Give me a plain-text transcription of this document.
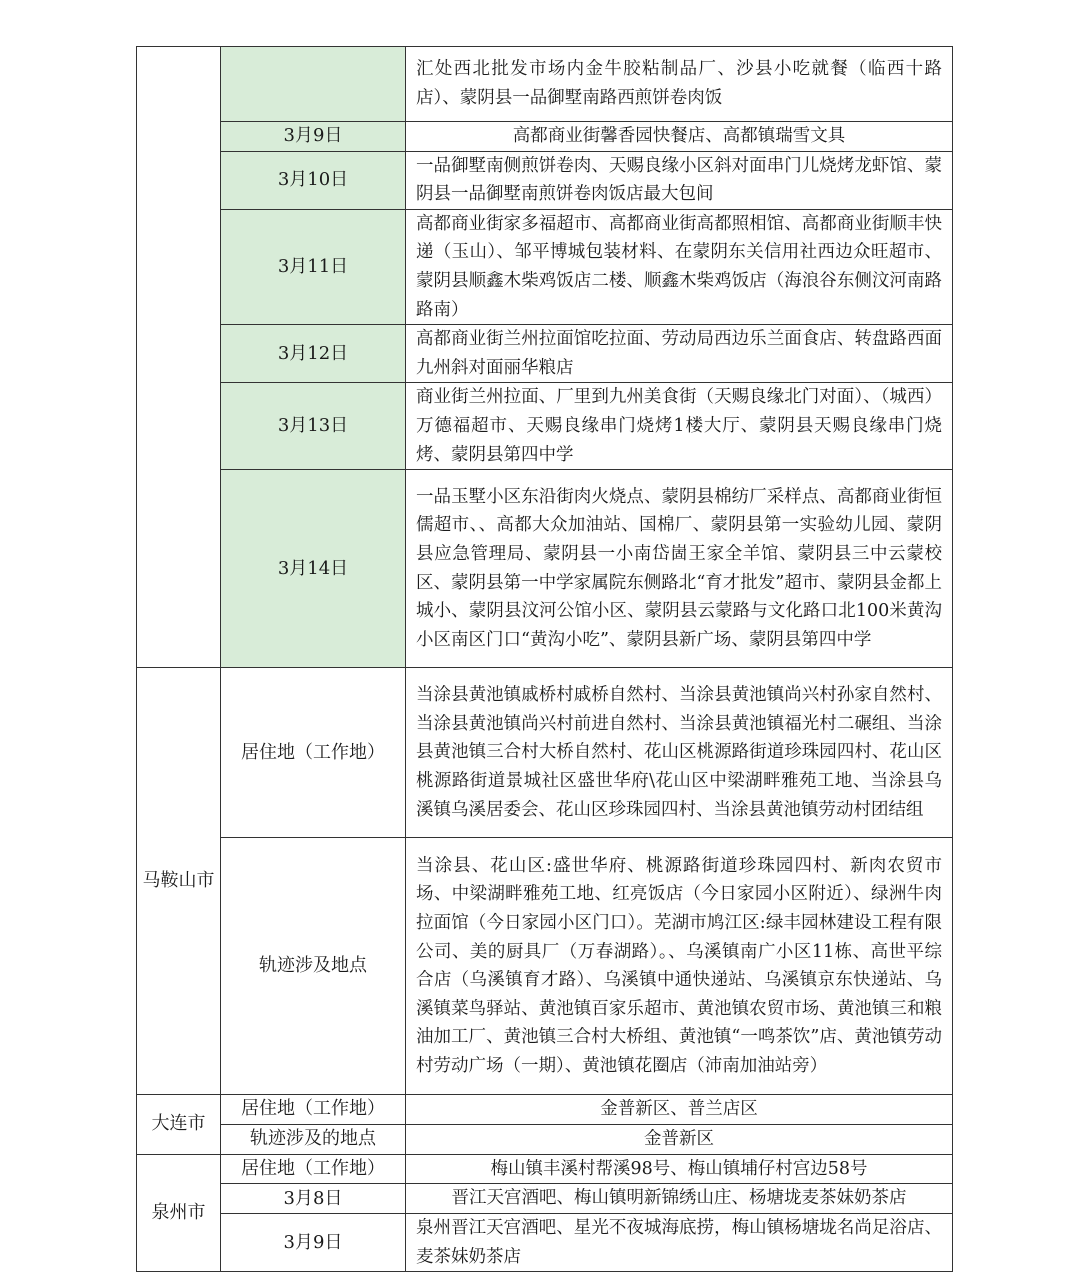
		汇处西北批发市场内金牛胶粘制品厂、沙县小吃就餐（临西十路店）、蒙阴县一品御墅南路西煎饼卷肉饭
	3月9日	高都商业街馨香园快餐店、高都镇瑞雪文具
	3月10日	一品御墅南侧煎饼卷肉、天赐良缘小区斜对面串门儿烧烤龙虾馆、蒙阴县一品御墅南煎饼卷肉饭店最大包间
	3月11日	高都商业街家多福超市、高都商业街高都照相馆、高都商业街顺丰快递（玉山）、邹平博城包装材料、在蒙阴东关信用社西边众旺超市、蒙阴县顺鑫木柴鸡饭店二楼、顺鑫木柴鸡饭店（海浪谷东侧汶河南路路南）
	3月12日	高都商业街兰州拉面馆吃拉面、劳动局西边乐兰面食店、转盘路西面九州斜对面丽华粮店
	3月13日	商业街兰州拉面、厂里到九州美食街（天赐良缘北门对面）、（城西）万德福超市、天赐良缘串门烧烤1楼大厅、蒙阴县天赐良缘串门烧烤、蒙阴县第四中学
	3月14日	一品玉墅小区东沿街肉火烧点、蒙阴县棉纺厂采样点、高都商业街恒儒超市、、高都大众加油站、国棉厂、蒙阴县第一实验幼儿园、蒙阴县应急管理局、蒙阴县一小南岱崮王家全羊馆、蒙阴县三中云蒙校区、蒙阴县第一中学家属院东侧路北“育才批发”超市、蒙阴县金都上城小、蒙阴县汶河公馆小区、蒙阴县云蒙路与文化路口北100米黄沟小区南区门口“黄沟小吃”、蒙阴县新广场、蒙阴县第四中学
马鞍山市	居住地（工作地）	当涂县黄池镇戚桥村戚桥自然村、当涂县黄池镇尚兴村孙家自然村、当涂县黄池镇尚兴村前进自然村、当涂县黄池镇福光村二碾组、当涂县黄池镇三合村大桥自然村、花山区桃源路街道珍珠园四村、花山区桃源路街道景城社区盛世华府\花山区中梁湖畔雅苑工地、当涂县乌溪镇乌溪居委会、花山区珍珠园四村、当涂县黄池镇劳动村团结组
	轨迹涉及地点	当涂县、花山区:盛世华府、桃源路街道珍珠园四村、新肉农贸市场、中梁湖畔雅苑工地、红亮饭店（今日家园小区附近）、绿洲牛肉拉面馆（今日家园小区门口）。芜湖市鸠江区:绿丰园林建设工程有限公司、美的厨具厂（万春湖路）。、乌溪镇南广小区11栋、高世平综合店（乌溪镇育才路）、乌溪镇中通快递站、乌溪镇京东快递站、乌溪镇菜鸟驿站、黄池镇百家乐超市、黄池镇农贸市场、黄池镇三和粮油加工厂、黄池镇三合村大桥组、黄池镇“一鸣茶饮”店、黄池镇劳动村劳动广场（一期）、黄池镇花圈店（沛南加油站旁）
大连市	居住地（工作地）	金普新区、普兰店区
	轨迹涉及的地点	金普新区
泉州市	居住地（工作地）	梅山镇丰溪村帮溪98号、梅山镇埔仔村宫边58号
	3月8日	晋江天宫酒吧、梅山镇明新锦绣山庄、杨塘垅麦茶妹奶茶店
	3月9日	泉州晋江天宫酒吧、星光不夜城海底捞，梅山镇杨塘垅名尚足浴店、麦茶妹奶茶店
